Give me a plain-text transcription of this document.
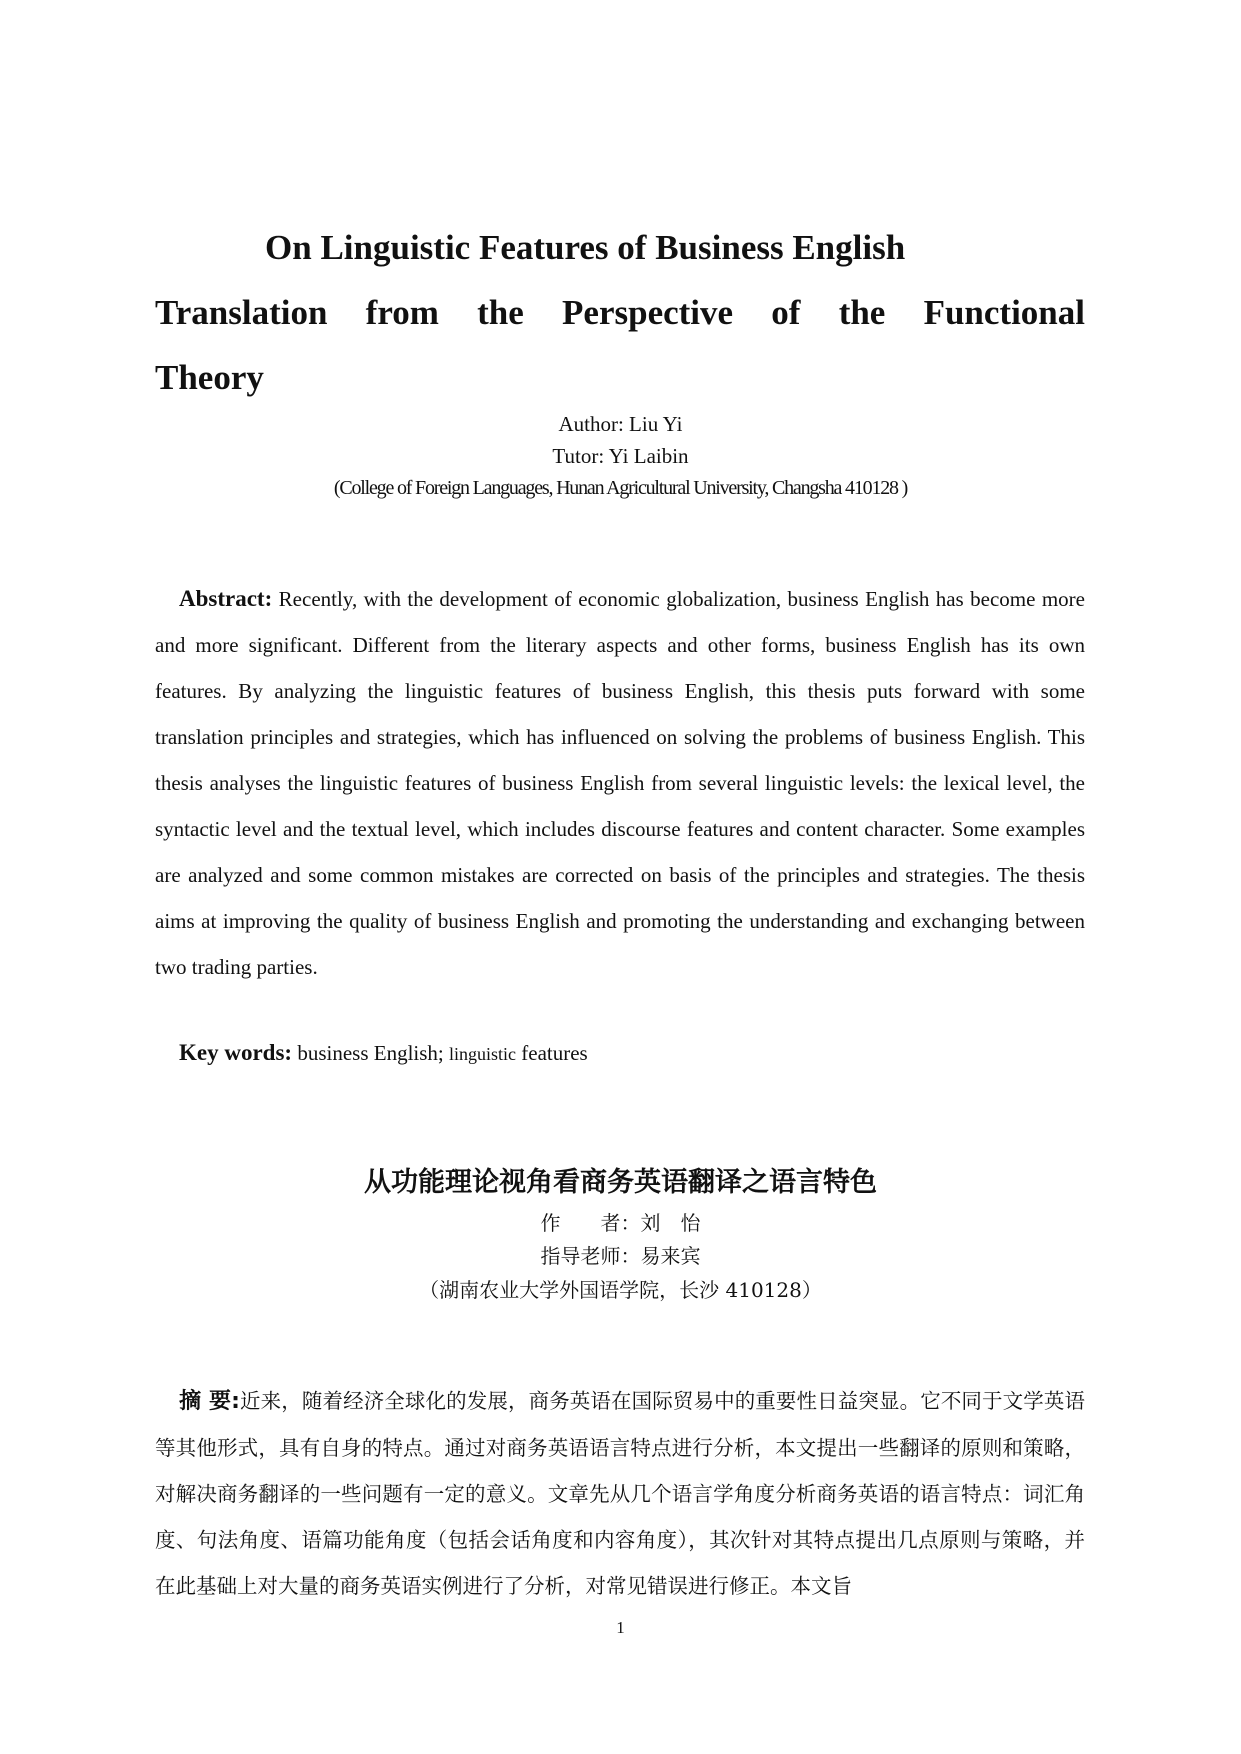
On Linguistic Features of Business English
Translation from the Perspective of the Functional
Theory
Author: Liu Yi
Tutor: Yi Laibin
(College of Foreign Languages, Hunan Agricultural University, Changsha 410128 )
Abstract: Recently, with the development of economic globalization, business English has become more and more significant. Different from the literary aspects and other forms, business English has its own features. By analyzing the linguistic features of business English, this thesis puts forward with some translation principles and strategies, which has influenced on solving the problems of business English. This thesis analyses the linguistic features of business English from several linguistic levels: the lexical level, the syntactic level and the textual level, which includes discourse features and content character. Some examples are analyzed and some common mistakes are corrected on basis of the principles and strategies. The thesis aims at improving the quality of business English and promoting the understanding and exchanging between two trading parties.
Key words: business English; linguistic features
从功能理论视角看商务英语翻译之语言特色
作　　者：刘　怡
指导老师：易来宾
（湖南农业大学外国语学院，长沙 410128）
摘 要:近来，随着经济全球化的发展，商务英语在国际贸易中的重要性日益突显。它不同于文学英语等其他形式，具有自身的特点。通过对商务英语语言特点进行分析，本文提出一些翻译的原则和策略，对解决商务翻译的一些问题有一定的意义。文章先从几个语言学角度分析商务英语的语言特点：词汇角度、句法角度、语篇功能角度（包括会话角度和内容角度），其次针对其特点提出几点原则与策略，并在此基础上对大量的商务英语实例进行了分析，对常见错误进行修正。本文旨
1
